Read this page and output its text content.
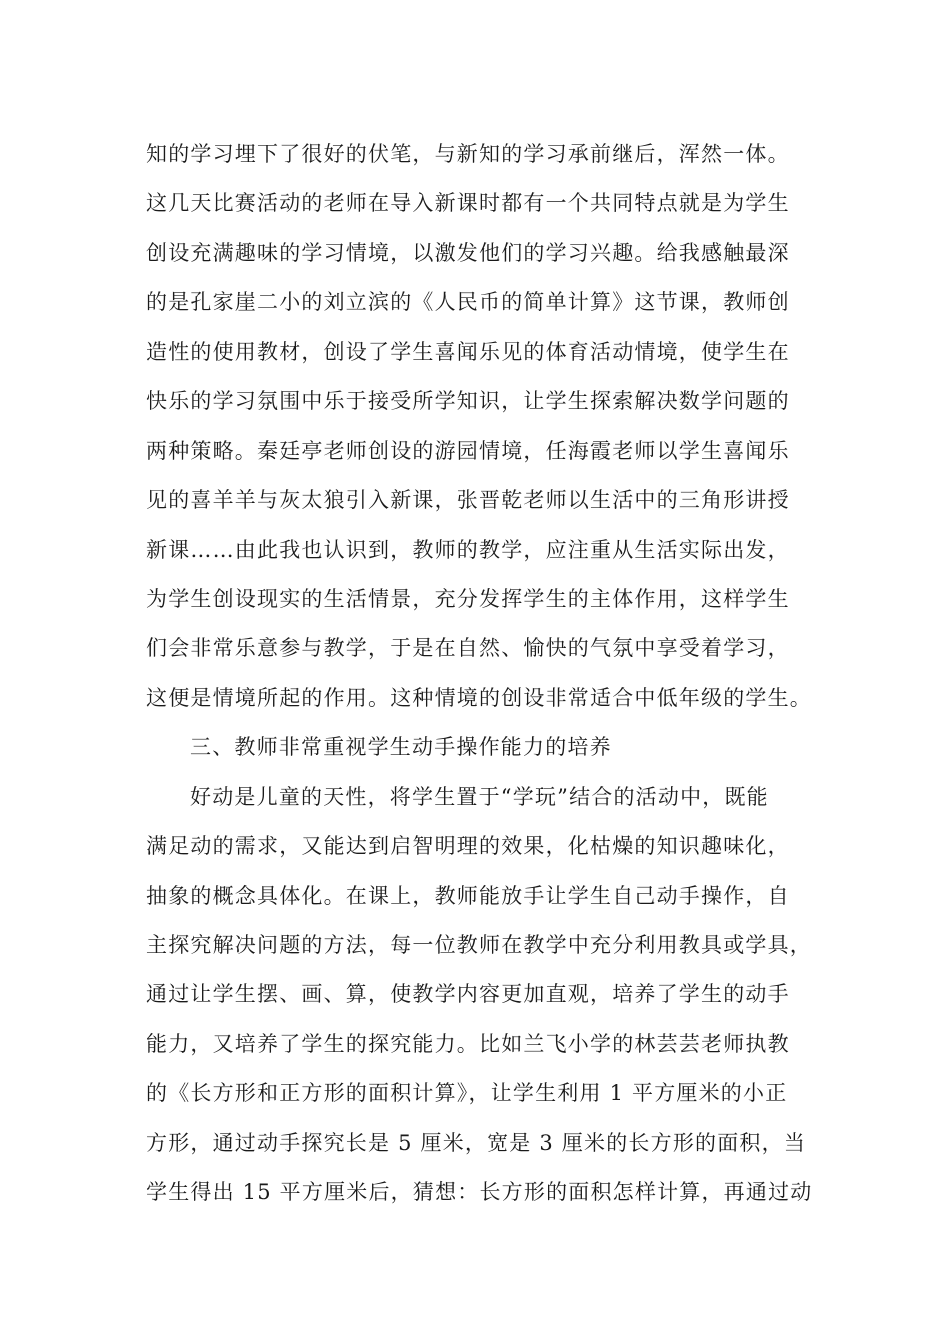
知的学习埋下了很好的伏笔，与新知的学习承前继后，浑然一体。
这几天比赛活动的老师在导入新课时都有一个共同特点就是为学生
创设充满趣味的学习情境，以激发他们的学习兴趣。给我感触最深
的是孔家崖二小的刘立滨的《人民币的简单计算》这节课，教师创
造性的使用教材，创设了学生喜闻乐见的体育活动情境，使学生在
快乐的学习氛围中乐于接受所学知识，让学生探索解决数学问题的
两种策略。秦廷亭老师创设的游园情境，任海霞老师以学生喜闻乐
见的喜羊羊与灰太狼引入新课，张晋乾老师以生活中的三角形讲授
新课……由此我也认识到，教师的教学，应注重从生活实际出发，
为学生创设现实的生活情景，充分发挥学生的主体作用，这样学生
们会非常乐意参与教学，于是在自然、愉快的气氛中享受着学习，
这便是情境所起的作用。这种情境的创设非常适合中低年级的学生。
三、教师非常重视学生动手操作能力的培养
好动是儿童的天性，将学生置于“学玩”结合的活动中，既能
满足动的需求，又能达到启智明理的效果，化枯燥的知识趣味化，
抽象的概念具体化。在课上，教师能放手让学生自己动手操作，自
主探究解决问题的方法，每一位教师在教学中充分利用教具或学具，
通过让学生摆、画、算，使教学内容更加直观，培养了学生的动手
能力，又培养了学生的探究能力。比如兰飞小学的林芸芸老师执教
的《长方形和正方形的面积计算》，让学生利用 1 平方厘米的小正
方形，通过动手探究长是 5 厘米，宽是 3 厘米的长方形的面积，当
学生得出 15 平方厘米后，猜想：长方形的面积怎样计算，再通过动
